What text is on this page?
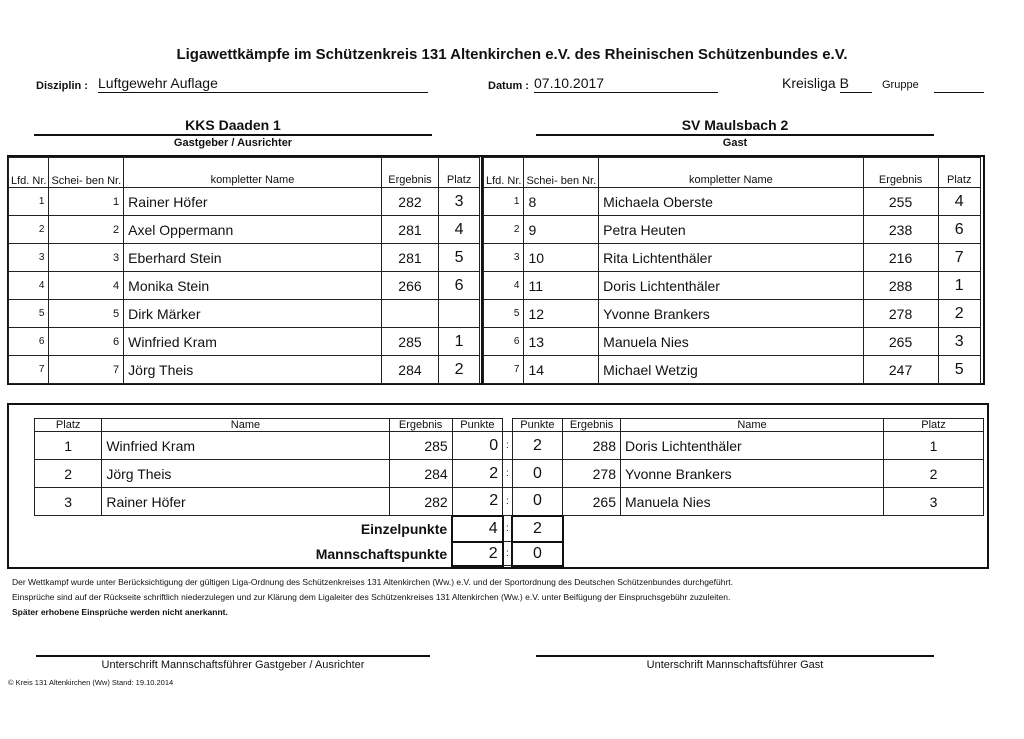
Ligawettkämpfe im Schützenkreis 131 Altenkirchen e.V. des Rheinischen Schützenbundes e.V.
Disziplin : Luftgewehr Auflage	Datum : 07.10.2017	Kreisliga B	Gruppe
KKS Daaden 1
Gastgeber / Ausrichter
SV Maulsbach 2
Gast
Lfd. Nr.	Schei- ben Nr.	kompletter Name	Ergebnis	Platz
1	1	Rainer Höfer	282	3
2	2	Axel Oppermann	281	4
3	3	Eberhard Stein	281	5
4	4	Monika Stein	266	6
5	5	Dirk Märker		
6	6	Winfried Kram	285	1
7	7	Jörg Theis	284	2
Lfd. Nr.	Schei- ben Nr.	kompletter Name	Ergebnis	Platz
1	8	Michaela Oberste	255	4
2	9	Petra Heuten	238	6
3	10	Rita Lichtenthäler	216	7
4	11	Doris Lichtenthäler	288	1
5	12	Yvonne Brankers	278	2
6	13	Manuela Nies	265	3
7	14	Michael Wetzig	247	5
Platz	Name	Ergebnis	Punkte		Punkte	Ergebnis	Name	Platz
1	Winfried Kram	285	0	:	2	288	Doris Lichtenthäler	1
2	Jörg Theis	284	2	:	0	278	Yvonne Brankers	2
3	Rainer Höfer	282	2	:	0	265	Manuela Nies	3
Einzelpunkte			4	:	2			
Mannschaftspunkte			2	:	0			
Der Wettkampf wurde unter Berücksichtigung der gültigen Liga-Ordnung des Schützenkreises 131 Altenkirchen (Ww.) e.V. und der Sportordnung des Deutschen Schützenbundes durchgeführt.
Einsprüche sind auf der Rückseite schriftlich niederzulegen und zur Klärung dem Ligaleiter des Schützenkreises 131 Altenkirchen (Ww.) e.V. unter Beifügung der Einspruchsgebühr zuzuleiten.
Später erhobene Einsprüche werden nicht anerkannt.
Unterschrift Mannschaftsführer Gastgeber / Ausrichter	Unterschrift Mannschaftsführer Gast
© Kreis 131 Altenkirchen (Ww) Stand: 19.10.2014
